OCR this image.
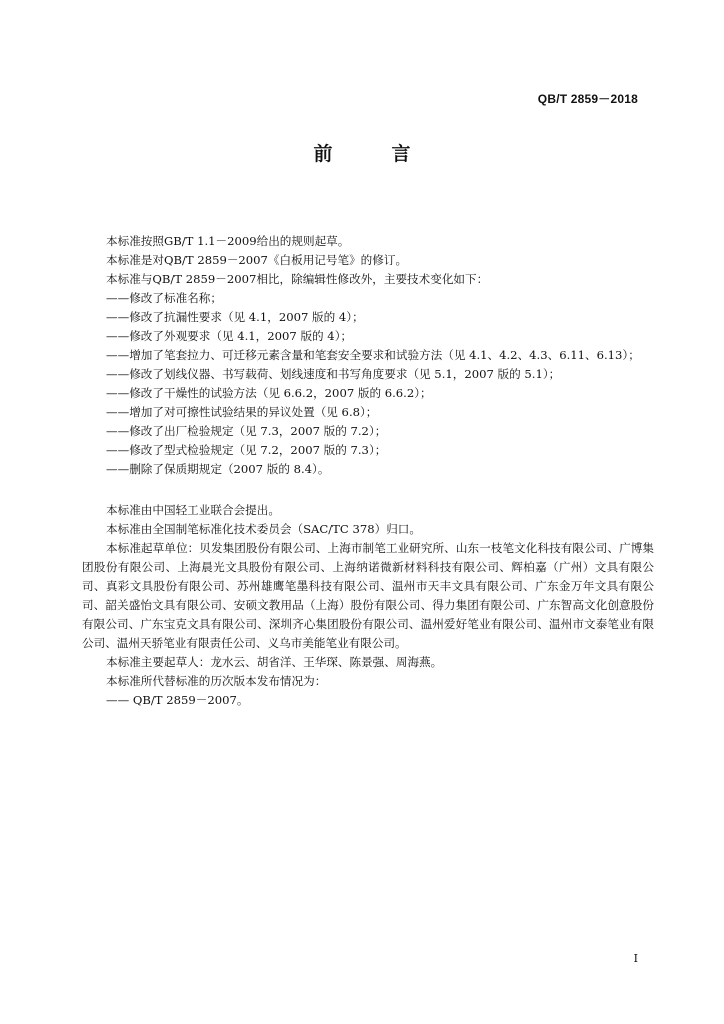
QB/T 2859－2018
前　言
本标准按照GB/T 1.1－2009给出的规则起草。
本标准是对QB/T 2859－2007《白板用记号笔》的修订。
本标准与QB/T 2859－2007相比，除编辑性修改外，主要技术变化如下：
——修改了标准名称；
——修改了抗漏性要求（见 4.1，2007 版的 4）；
——修改了外观要求（见 4.1，2007 版的 4）；
——增加了笔套拉力、可迁移元素含量和笔套安全要求和试验方法（见 4.1、4.2、4.3、6.11、6.13）；
——修改了划线仪器、书写载荷、划线速度和书写角度要求（见 5.1，2007 版的 5.1）；
——修改了干燥性的试验方法（见 6.6.2，2007 版的 6.6.2）；
——增加了对可擦性试验结果的异议处置（见 6.8）；
——修改了出厂检验规定（见 7.3，2007 版的 7.2）；
——修改了型式检验规定（见 7.2，2007 版的 7.3）；
——删除了保质期规定（2007 版的 8.4）。
本标准由中国轻工业联合会提出。
本标准由全国制笔标准化技术委员会（SAC/TC 378）归口。
本标准起草单位：贝发集团股份有限公司、上海市制笔工业研究所、山东一枝笔文化科技有限公司、广博集团股份有限公司、上海晨光文具股份有限公司、上海纳诺微新材料科技有限公司、辉柏嘉（广州）文具有限公司、真彩文具股份有限公司、苏州雄鹰笔墨科技有限公司、温州市天丰文具有限公司、广东金万年文具有限公司、韶关盛怡文具有限公司、安硕文教用品（上海）股份有限公司、得力集团有限公司、广东智高文化创意股份有限公司、广东宝克文具有限公司、深圳齐心集团股份有限公司、温州爱好笔业有限公司、温州市文泰笔业有限公司、温州天骄笔业有限责任公司、义乌市美能笔业有限公司。
本标准主要起草人：龙水云、胡省洋、王华琛、陈景强、周海燕。
本标准所代替标准的历次版本发布情况为：
—— QB/T 2859－2007。
I
